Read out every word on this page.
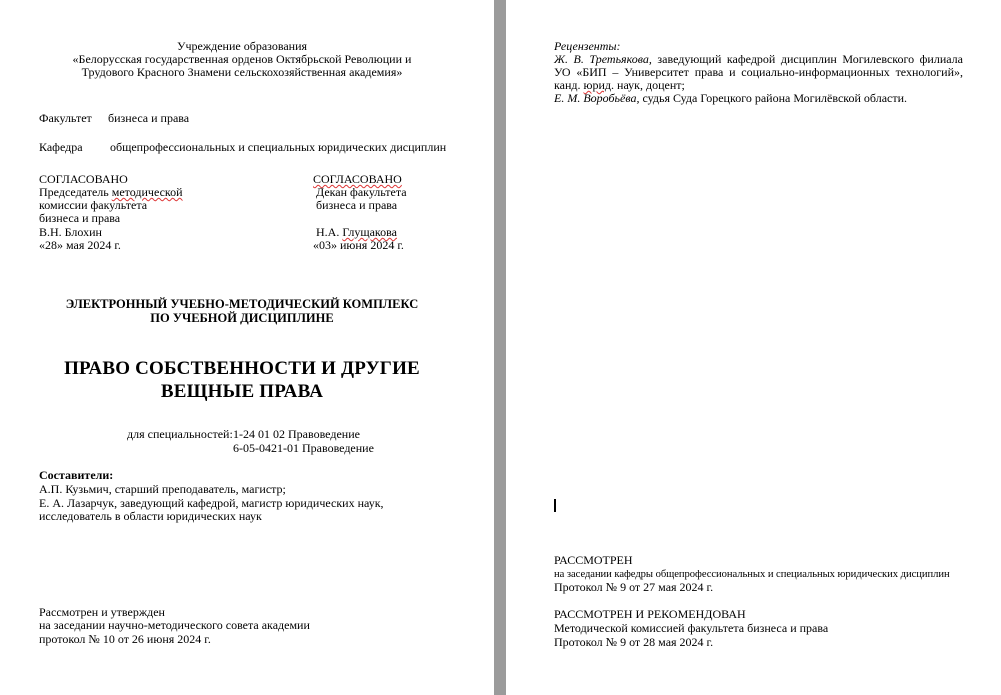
Учреждение образования
«Белорусская государственная орденов Октябрьской Революции и
Трудового Красного Знамени сельскохозяйственная академия»
Факультет бизнеса и права
Кафедра общепрофессиональных и специальных юридических дисциплин
СОГЛАСОВАНО
Председатель методической
комиссии факультета
бизнеса и права
В.Н. Блохин
«28» мая 2024 г.
СОГЛАСОВАНО
Декан факультета
бизнеса и права
Н.А. Глущакова
«03» июня 2024 г.
ЭЛЕКТРОННЫЙ УЧЕБНО-МЕТОДИЧЕСКИЙ КОМПЛЕКС
ПО УЧЕБНОЙ ДИСЦИПЛИНЕ
ПРАВО СОБСТВЕННОСТИ И ДРУГИЕ
ВЕЩНЫЕ ПРАВА
для специальностей: 1-24 01 02 Правоведение
6-05-0421-01 Правоведение
Составители:
А.П. Кузьмич, старший преподаватель, магистр;
Е. А. Лазарчук, заведующий кафедрой, магистр юридических наук,
исследователь в области юридических наук
Рассмотрен и утвержден
на заседании научно-методического совета академии
протокол № 10 от 26 июня 2024 г.
Рецензенты:
Ж. В. Третьякова, заведующий кафедрой дисциплин Могилевского филиала
УО «БИП – Университет права и социально-информационных технологий»,
канд. юрид. наук, доцент;
Е. М. Воробьёва, судья Суда Горецкого района Могилёвской области.
РАССМОТРЕН
на заседании кафедры общепрофессиональных и специальных юридических дисциплин
Протокол № 9 от 27 мая 2024 г.
РАССМОТРЕН И РЕКОМЕНДОВАН
Методической комиссией факультета бизнеса и права
Протокол № 9 от 28 мая 2024 г.
